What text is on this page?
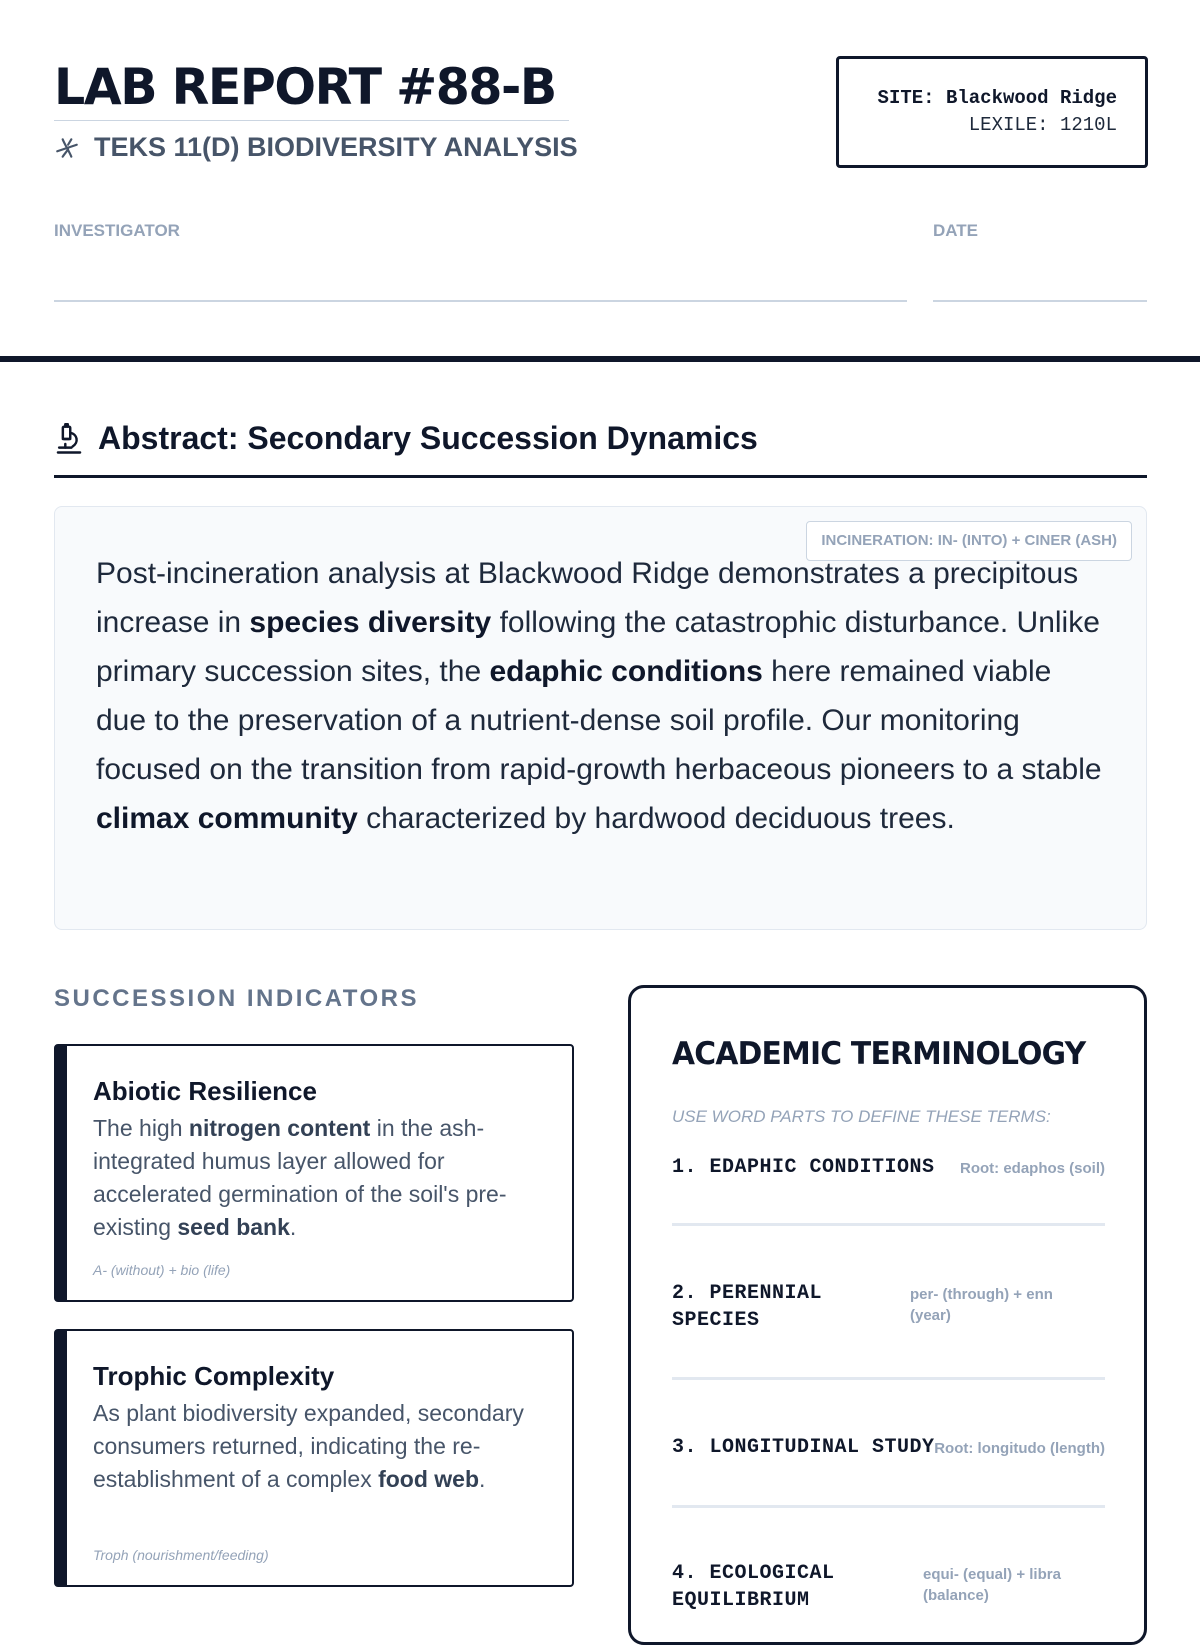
LAB REPORT #88-B
TEKS 11(D) BIODIVERSITY ANALYSIS
SITE: Blackwood Ridge
LEXILE: 1210L
INVESTIGATOR	DATE
Abstract: Secondary Succession Dynamics
INCINERATION: IN- (INTO) + CINER (ASH)

Post-incineration analysis at Blackwood Ridge demonstrates a precipitous increase in species diversity following the catastrophic disturbance. Unlike primary succession sites, the edaphic conditions here remained viable due to the preservation of a nutrient-dense soil profile. Our monitoring focused on the transition from rapid-growth herbaceous pioneers to a stable climax community characterized by hardwood deciduous trees.

SUCCESSION INDICATORS
Abiotic Resilience

The high nitrogen content in the ash-integrated humus layer allowed for accelerated germination of the soil's pre-existing seed bank.

A- (without) + bio (life)
Trophic Complexity

As plant biodiversity expanded, secondary consumers returned, indicating the re-establishment of a complex food web.

Troph (nourishment/feeding)
ACADEMIC TERMINOLOGY
USE WORD PARTS TO DEFINE THESE TERMS:
1. EDAPHIC CONDITIONS Root: edaphos (soil)
2. PERENNIAL SPECIES
per- (through) + enn (year)
3. LONGITUDINAL STUDY Root: longitudo (length)
4. ECOLOGICAL EQUILIBRIUM
equi- (equal) + libra (balance)
